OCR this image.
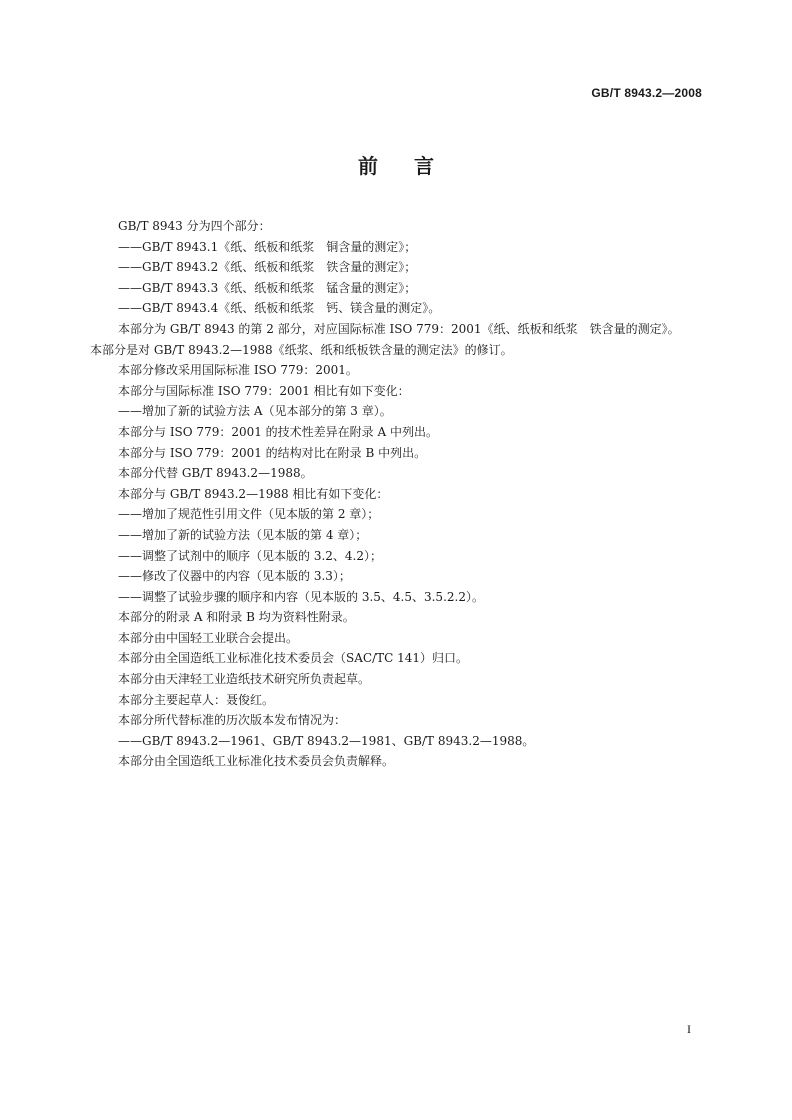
GB/T 8943.2—2008
前言
GB/T 8943 分为四个部分：
——GB/T 8943.1《纸、纸板和纸浆　铜含量的测定》；
——GB/T 8943.2《纸、纸板和纸浆　铁含量的测定》；
——GB/T 8943.3《纸、纸板和纸浆　锰含量的测定》；
——GB/T 8943.4《纸、纸板和纸浆　钙、镁含量的测定》。
本部分为 GB/T 8943 的第 2 部分，对应国际标准 ISO 779：2001《纸、纸板和纸浆　铁含量的测定》。
本部分是对 GB/T 8943.2—1988《纸浆、纸和纸板铁含量的测定法》的修订。
本部分修改采用国际标准 ISO 779：2001。
本部分与国际标准 ISO 779：2001 相比有如下变化：
——增加了新的试验方法 A（见本部分的第 3 章）。
本部分与 ISO 779：2001 的技术性差异在附录 A 中列出。
本部分与 ISO 779：2001 的结构对比在附录 B 中列出。
本部分代替 GB/T 8943.2—1988。
本部分与 GB/T 8943.2—1988 相比有如下变化：
——增加了规范性引用文件（见本版的第 2 章）；
——增加了新的试验方法（见本版的第 4 章）；
——调整了试剂中的顺序（见本版的 3.2、4.2）；
——修改了仪器中的内容（见本版的 3.3）；
——调整了试验步骤的顺序和内容（见本版的 3.5、4.5、3.5.2.2）。
本部分的附录 A 和附录 B 均为资料性附录。
本部分由中国轻工业联合会提出。
本部分由全国造纸工业标准化技术委员会（SAC/TC 141）归口。
本部分由天津轻工业造纸技术研究所负责起草。
本部分主要起草人：聂俊红。
本部分所代替标准的历次版本发布情况为：
——GB/T 8943.2—1961、GB/T 8943.2—1981、GB/T 8943.2—1988。
本部分由全国造纸工业标准化技术委员会负责解释。
I
